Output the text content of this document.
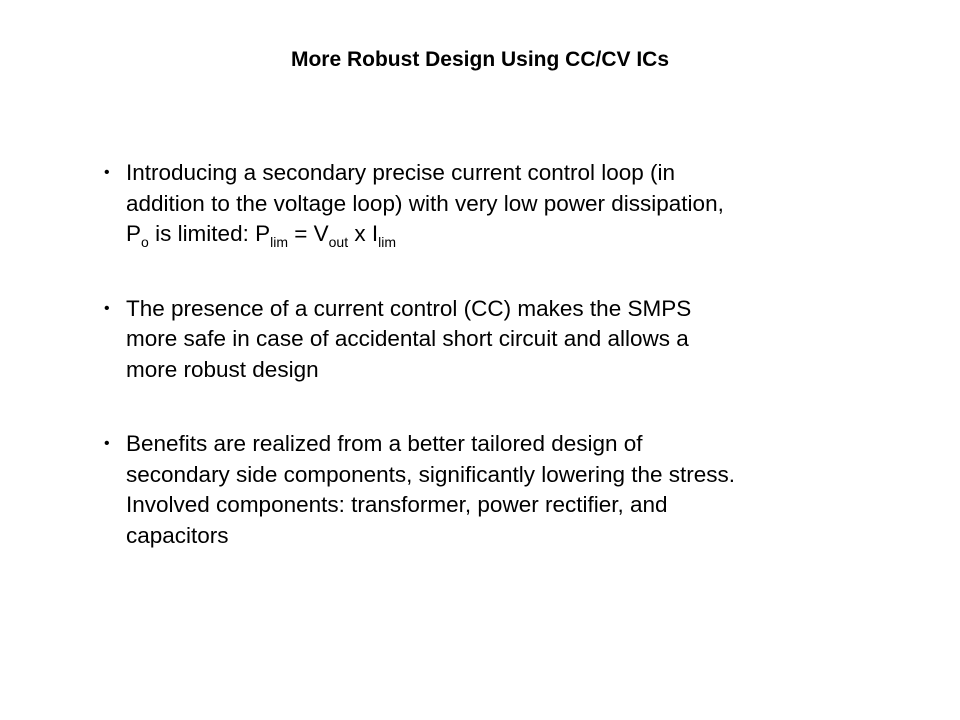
More Robust Design Using CC/CV ICs
• Introducing a secondary precise current control loop (in
addition to the voltage loop) with very low power dissipation,
$P_o$ is limited: $P_{lim} = V_{out}$ x $I_{lim}$
• The presence of a current control (CC) makes the SMPS
more safe in case of accidental short circuit and allows a
more robust design
• Benefits are realized from a better tailored design of
secondary side components, significantly lowering the stress.
Involved components: transformer, power rectifier, and
capacitors
